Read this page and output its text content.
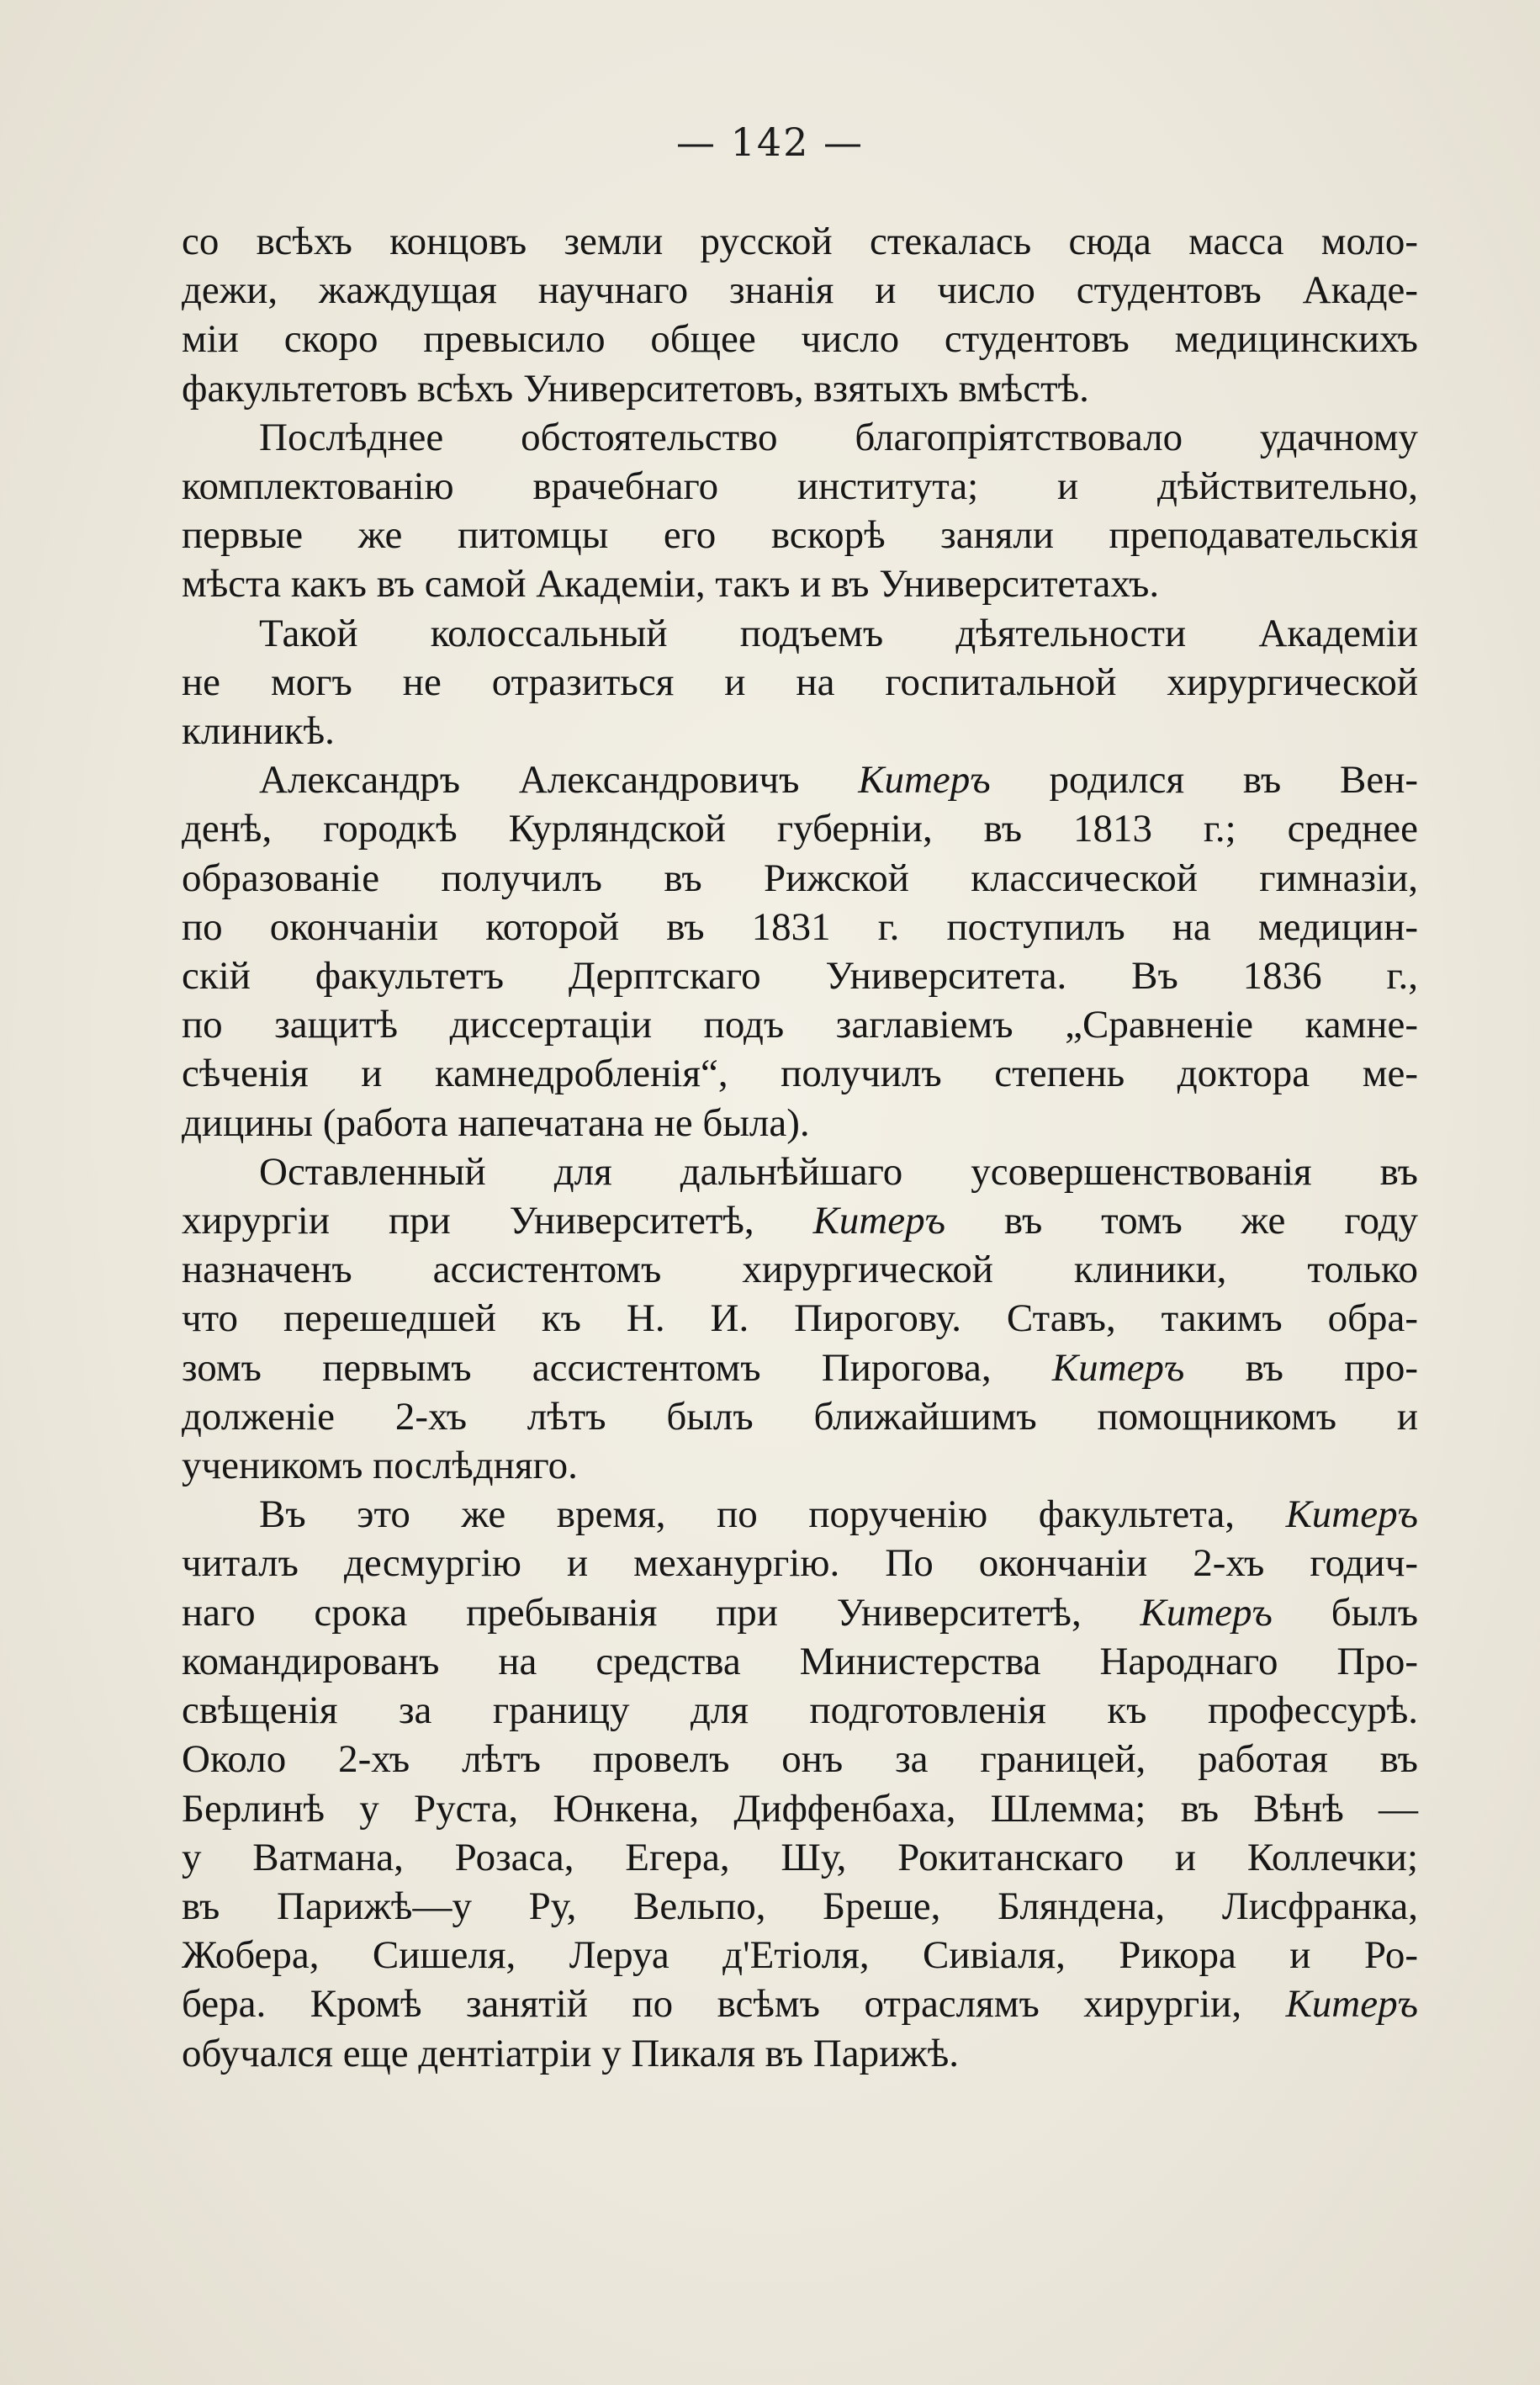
— 142 —

со всѣхъ концовъ земли русской стекалась сюда масса моло-
дежи, жаждущая научнаго знанія и число студентовъ Акаде-
міи скоро превысило общее число студентовъ медицинскихъ
факультетовъ всѣхъ Университетовъ, взятыхъ вмѣстѣ.

Послѣднее обстоятельство благопріятствовало удачному
комплектованію врачебнаго института; и дѣйствительно,
первые же питомцы его вскорѣ заняли преподавательскія
мѣста какъ въ самой Академіи, такъ и въ Университетахъ.

Такой колоссальный подъемъ дѣятельности Академіи
не могъ не отразиться и на госпитальной хирургической
клиникѣ.

Александръ Александровичъ Китеръ родился въ Вен-
денѣ, городкѣ Курляндской губерніи, въ 1813 г.; среднее
образованіе получилъ въ Рижской классической гимназіи,
по окончаніи которой въ 1831 г. поступилъ на медицин-
скій факультетъ Дерптскаго Университета. Въ 1836 г.,
по защитѣ диссертаціи подъ заглавіемъ „Сравненіе камне-
сѣченія и камнедробленія“, получилъ степень доктора ме-
дицины (работа напечатана не была).

Оставленный для дальнѣйшаго усовершенствованія въ
хирургіи при Университетѣ, Китеръ въ томъ же году
назначенъ ассистентомъ хирургической клиники, только
что перешедшей къ Н. И. Пирогову. Ставъ, такимъ обра-
зомъ первымъ ассистентомъ Пирогова, Китеръ въ про-
долженіе 2-хъ лѣтъ былъ ближайшимъ помощникомъ и
ученикомъ послѣдняго.

Въ это же время, по порученію факультета, Китеръ
читалъ десмургію и механургію. По окончаніи 2-хъ годич-
наго срока пребыванія при Университетѣ, Китеръ былъ
командированъ на средства Министерства Народнаго Про-
свѣщенія за границу для подготовленія къ профессурѣ.
Около 2-хъ лѣтъ провелъ онъ за границей, работая въ
Берлинѣ у Руста, Юнкена, Диффенбаха, Шлемма; въ Вѣнѣ —
у Ватмана, Розаса, Егера, Шу, Рокитанскаго и Коллечки;
въ Парижѣ—у Ру, Вельпо, Бреше, Бляндена, Лисфранка,
Жобера, Сишеля, Леруа д'Етіоля, Сивіаля, Рикора и Ро-
бера. Кромѣ занятій по всѣмъ отраслямъ хирургіи, Китеръ
обучался еще дентіатріи у Пикаля въ Парижѣ.
